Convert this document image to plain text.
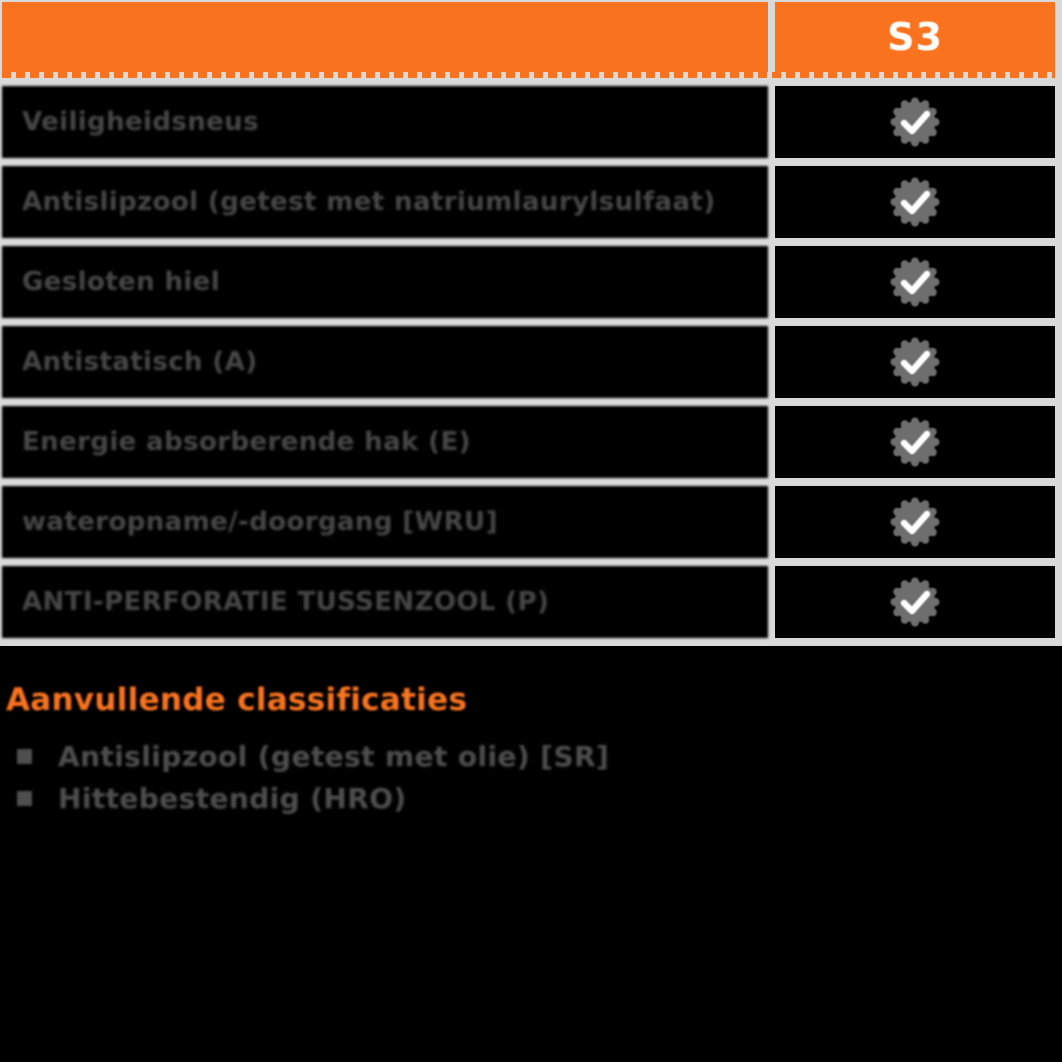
S3
Veiligheidsneus
Antislipzool (getest met natriumlaurylsulfaat)
Gesloten hiel
Antistatisch (A)
Energie absorberende hak (E)
wateropname/-doorgang [WRU]
ANTI-PERFORATIE TUSSENZOOL (P)
Aanvullende classificaties
Antislipzool (getest met olie) [SR]
Hittebestendig (HRO)
